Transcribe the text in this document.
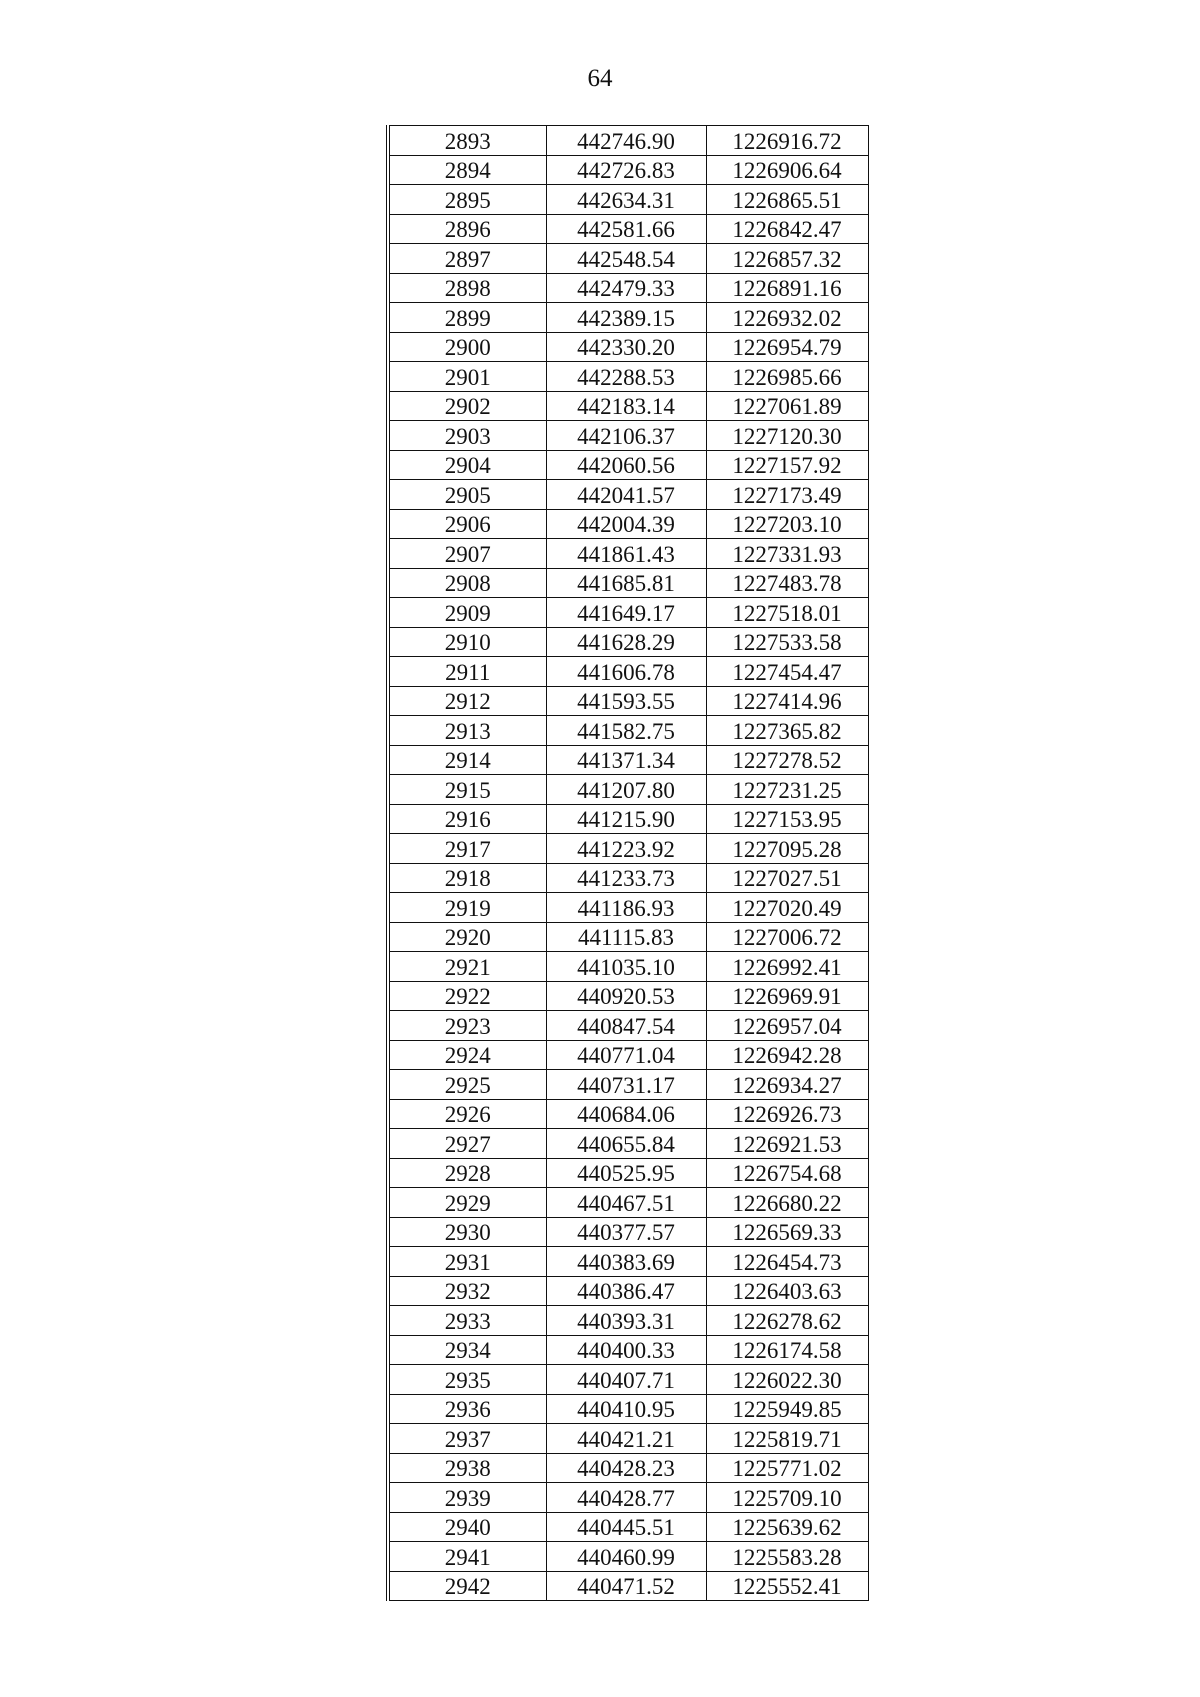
64
2893	442746.90	1226916.72
2894	442726.83	1226906.64
2895	442634.31	1226865.51
2896	442581.66	1226842.47
2897	442548.54	1226857.32
2898	442479.33	1226891.16
2899	442389.15	1226932.02
2900	442330.20	1226954.79
2901	442288.53	1226985.66
2902	442183.14	1227061.89
2903	442106.37	1227120.30
2904	442060.56	1227157.92
2905	442041.57	1227173.49
2906	442004.39	1227203.10
2907	441861.43	1227331.93
2908	441685.81	1227483.78
2909	441649.17	1227518.01
2910	441628.29	1227533.58
2911	441606.78	1227454.47
2912	441593.55	1227414.96
2913	441582.75	1227365.82
2914	441371.34	1227278.52
2915	441207.80	1227231.25
2916	441215.90	1227153.95
2917	441223.92	1227095.28
2918	441233.73	1227027.51
2919	441186.93	1227020.49
2920	441115.83	1227006.72
2921	441035.10	1226992.41
2922	440920.53	1226969.91
2923	440847.54	1226957.04
2924	440771.04	1226942.28
2925	440731.17	1226934.27
2926	440684.06	1226926.73
2927	440655.84	1226921.53
2928	440525.95	1226754.68
2929	440467.51	1226680.22
2930	440377.57	1226569.33
2931	440383.69	1226454.73
2932	440386.47	1226403.63
2933	440393.31	1226278.62
2934	440400.33	1226174.58
2935	440407.71	1226022.30
2936	440410.95	1225949.85
2937	440421.21	1225819.71
2938	440428.23	1225771.02
2939	440428.77	1225709.10
2940	440445.51	1225639.62
2941	440460.99	1225583.28
2942	440471.52	1225552.41
